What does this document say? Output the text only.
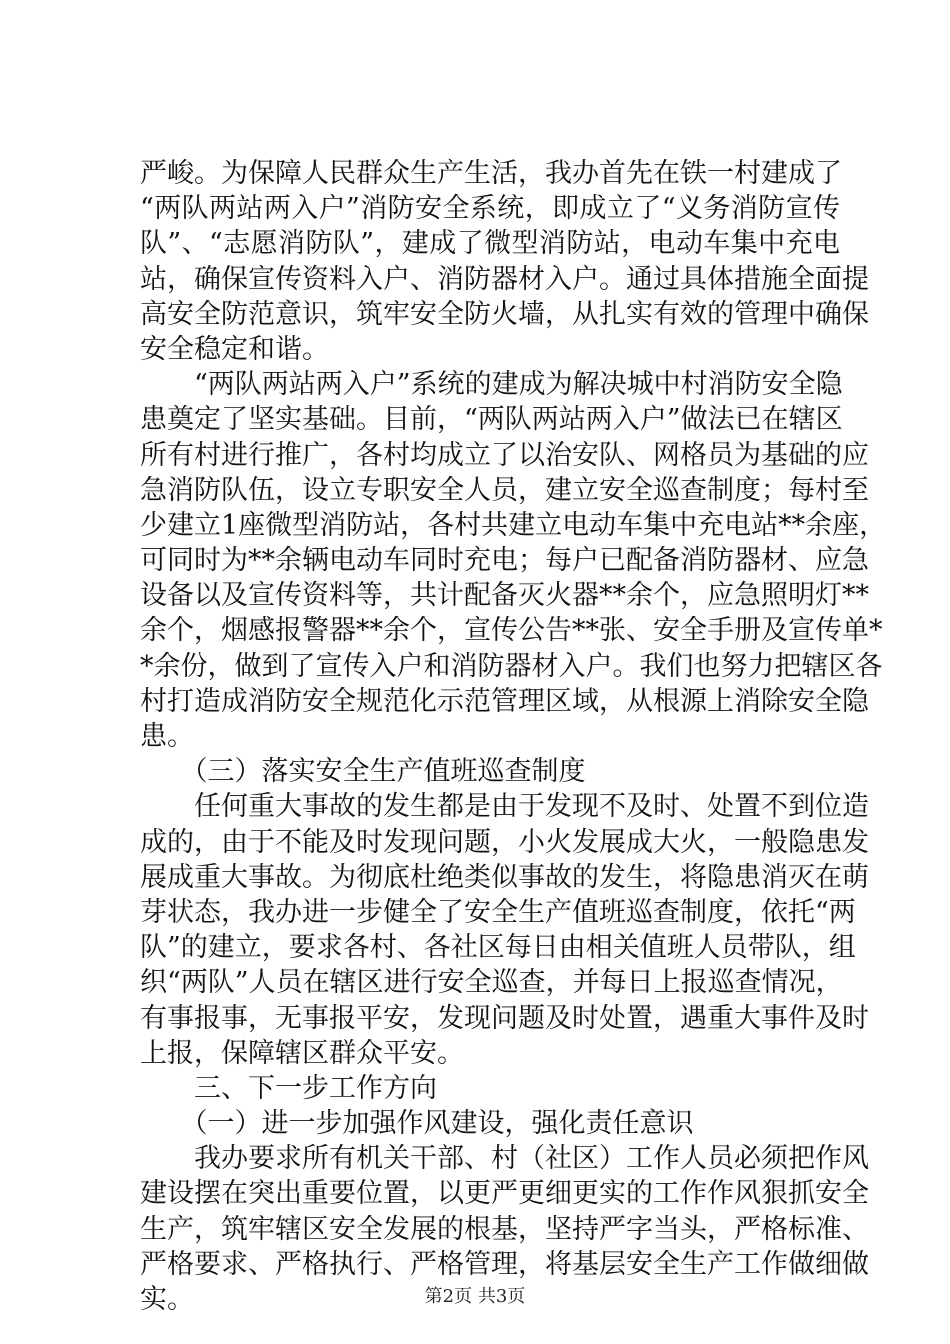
严峻。为保障人民群众生产生活，我办首先在铁一村建成了
“两队两站两入户”消防安全系统，即成立了“义务消防宣传
队”、“志愿消防队”，建成了微型消防站，电动车集中充电
站，确保宣传资料入户、消防器材入户。通过具体措施全面提
高安全防范意识，筑牢安全防火墙，从扎实有效的管理中确保
安全稳定和谐。
　　“两队两站两入户”系统的建成为解决城中村消防安全隐
患奠定了坚实基础。目前，“两队两站两入户”做法已在辖区
所有村进行推广，各村均成立了以治安队、网格员为基础的应
急消防队伍，设立专职安全人员，建立安全巡查制度；每村至
少建立1座微型消防站，各村共建立电动车集中充电站**余座，
可同时为**余辆电动车同时充电；每户已配备消防器材、应急
设备以及宣传资料等，共计配备灭火器**余个，应急照明灯**
余个，烟感报警器**余个，宣传公告**张、安全手册及宣传单*
*余份，做到了宣传入户和消防器材入户。我们也努力把辖区各
村打造成消防安全规范化示范管理区域，从根源上消除安全隐
患。
　　（三）落实安全生产值班巡查制度
　　任何重大事故的发生都是由于发现不及时、处置不到位造
成的，由于不能及时发现问题，小火发展成大火，一般隐患发
展成重大事故。为彻底杜绝类似事故的发生，将隐患消灭在萌
芽状态，我办进一步健全了安全生产值班巡查制度，依托“两
队”的建立，要求各村、各社区每日由相关值班人员带队，组
织“两队”人员在辖区进行安全巡查，并每日上报巡查情况，
有事报事，无事报平安，发现问题及时处置，遇重大事件及时
上报，保障辖区群众平安。
　　三、下一步工作方向
　　（一）进一步加强作风建设，强化责任意识
　　我办要求所有机关干部、村（社区）工作人员必须把作风
建设摆在突出重要位置，以更严更细更实的工作作风狠抓安全
生产，筑牢辖区安全发展的根基，坚持严字当头，严格标准、
严格要求、严格执行、严格管理，将基层安全生产工作做细做
实。	第2页 共3页
